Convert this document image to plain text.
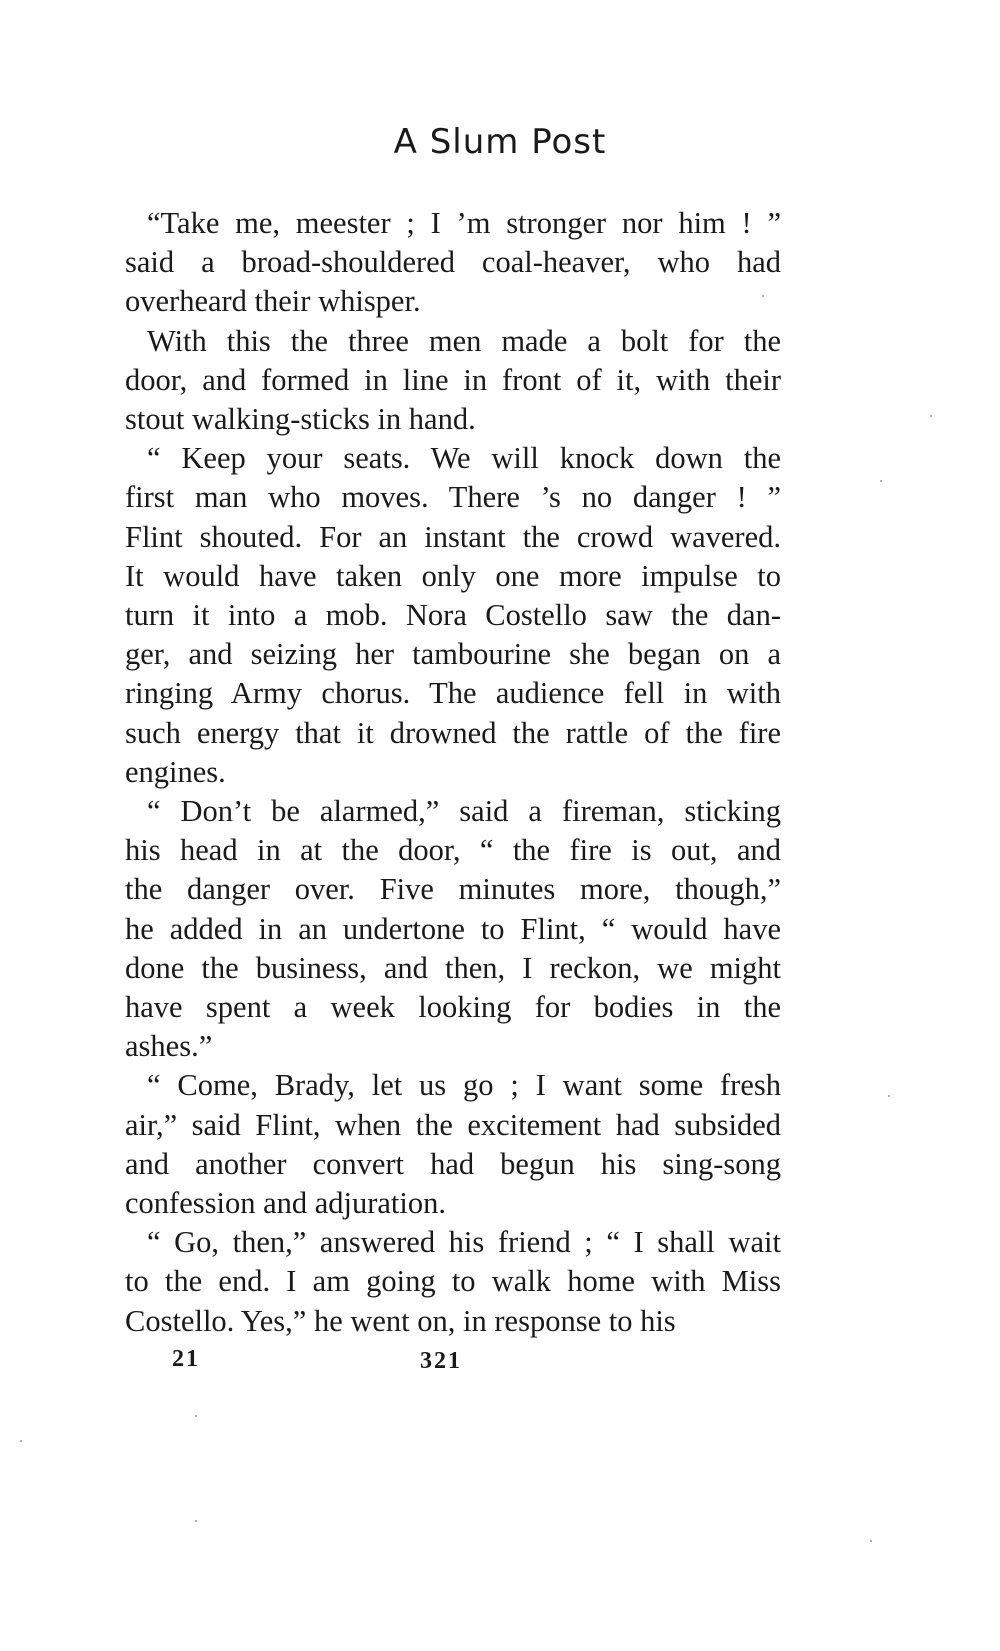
A Slum Post
“Take me, meester ; I ’m stronger nor him ! ”
said a broad-shouldered coal-heaver, who had
overheard their whisper.
With this the three men made a bolt for the
door, and formed in line in front of it, with their
stout walking-sticks in hand.
“ Keep your seats. We will knock down the
first man who moves. There ’s no danger ! ”
Flint shouted. For an instant the crowd wavered.
It would have taken only one more impulse to
turn it into a mob. Nora Costello saw the dan-
ger, and seizing her tambourine she began on a
ringing Army chorus. The audience fell in with
such energy that it drowned the rattle of the fire
engines.
“ Don’t be alarmed,” said a fireman, sticking
his head in at the door, “ the fire is out, and
the danger over. Five minutes more, though,”
he added in an undertone to Flint, “ would have
done the business, and then, I reckon, we might
have spent a week looking for bodies in the
ashes.”
“ Come, Brady, let us go ; I want some fresh
air,” said Flint, when the excitement had subsided
and another convert had begun his sing-song
confession and adjuration.
“ Go, then,” answered his friend ; “ I shall wait
to the end. I am going to walk home with Miss
Costello. Yes,” he went on, in response to his
21	321
